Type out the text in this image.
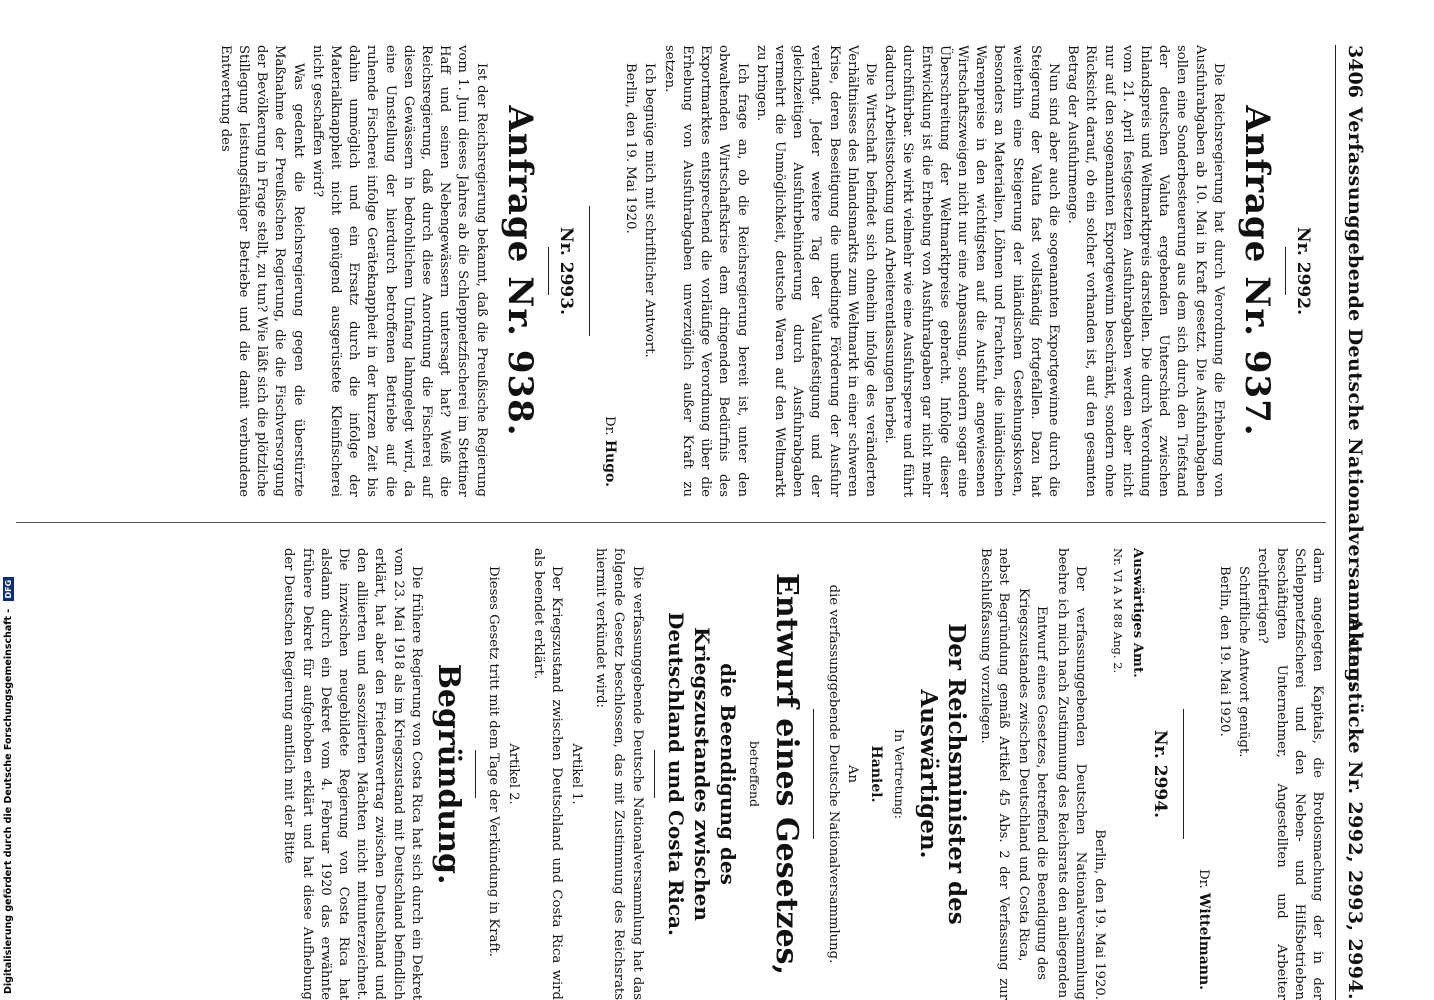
3406
Verfassunggebende Deutsche Nationalversammlung.
Aktenstücke Nr. 2992, 2993, 2994.
Nr. 2992.
Anfrage Nr. 937.

Die Reichsregierung hat durch Verordnung die Erhebung von Ausfuhrabgaben ab 10. Mai in Kraft gesetzt. Die Ausfuhrabgaben sollen eine Sonderbesteuerung aus dem sich durch den Tiefstand der deutschen Valuta ergebenden Unterschied zwischen Inlandspreis und Weltmarktpreis darstellen. Die durch Verordnung vom 21. April festgesetzten Ausfuhrabgaben werden aber nicht nur auf den sogenannten Exportgewinn beschränkt, sondern ohne Rücksicht darauf, ob ein solcher vorhanden ist, auf den gesamten Betrag der Ausfuhrmenge.

Nun sind aber auch die sogenannten Exportgewinne durch die Steigerung der Valuta fast vollständig fortgefallen. Dazu hat weiterhin eine Steigerung der inländischen Gestehungskosten, besonders an Materialien, Löhnen und Frachten, die inländischen Warenpreise in den wichtigsten auf die Ausfuhr angewiesenen Wirtschaftszweigen nicht nur eine Anpassung, sondern sogar eine Überschreitung der Weltmarktpreise gebracht. Infolge dieser Entwicklung ist die Erhebung von Ausfuhrabgaben gar nicht mehr durchführbar. Sie wirkt vielmehr wie eine Ausfuhrsperre und führt dadurch Arbeitsstockung und Arbeiterentlassungen herbei.

Die Wirtschaft befindet sich ohnehin infolge des veränderten Verhältnisses des Inlandsmarkts zum Weltmarkt in einer schweren Krise, deren Beseitigung die unbedingte Förderung der Ausfuhr verlangt. Jeder weitere Tag der Valutafestigung und der gleichzeitigen Ausfuhrbehinderung durch Ausfuhrabgaben vermehrt die Unmöglichkeit, deutsche Waren auf den Weltmarkt zu bringen.

Ich frage an, ob die Reichsregierung bereit ist, unter den obwaltenden Wirtschaftskrise dem dringenden Bedürfnis des Exportmarktes entsprechend die vorläufige Verordnung über die Erhebung von Ausfuhrabgaben unverzüglich außer Kraft zu setzen.

Ich begnüge mich mit schriftlicher Antwort.

Berlin, den 19. Mai 1920.

Dr. Hugo.
Nr. 2993.
Anfrage Nr. 938.

Ist der Reichsregierung bekannt, daß die Preußische Regierung vom 1. Juni dieses Jahres ab die Schleppnetzfischerei im Stettiner Haff und seinen Nebengewässern untersagt hat? Weiß die Reichsregierung, daß durch diese Anordnung die Fischerei auf diesen Gewässern in bedrohlichem Umfang lahmgelegt wird, da eine Umstellung der hierdurch betroffenen Betriebe auf die ruhende Fischerei infolge Geräteknappheit in der kurzen Zeit bis dahin unmöglich und ein Ersatz durch die infolge der Materialknappheit nicht genügend ausgerüstete Kleinfischerei nicht geschaffen wird?

Was gedenkt die Reichsregierung gegen die überstürzte Maßnahme der Preußischen Regierung, die die Fischversorgung der Bevölkerung in Frage stellt, zu tun? Wie läßt sich die plötzliche Stillegung leistungsfähiger Betriebe und die damit verbundene Entwertung des

darin angelegten Kapitals, die Brotlosmachung der in der Schleppnetzfischerei und den Neben- und Hilfsbetrieben beschäftigten Unternehmer, Angestellten und Arbeiter rechtfertigen?

Schriftliche Antwort genügt.

Berlin, den 19. Mai 1920.

Dr. Wittelmann.
Nr. 2994.

Auswärtiges Amt.

Nr. VI A M 88 Ang. 2.

Berlin, den 19. Mai 1920.

Der verfassunggebenden Deutschen Nationalversammlung beehre ich mich nach Zustimmung des Reichsrats den anliegenden

Entwurf eines Gesetzes, betreffend die Beendigung des Kriegszustandes zwischen Deutschland und Costa Rica,

nebst Begründung gemäß Artikel 45 Abs. 2 der Verfassung zur Beschlußfassung vorzulegen.

Der Reichsminister des Auswärtigen.
In Vertretung:
Haniel.

An

die verfassunggebende Deutsche Nationalversammlung.

Entwurf eines Gesetzes,
betreffend
die Beendigung des Kriegszustandes zwischen Deutschland und Costa Rica.

Die verfassunggebende Deutsche Nationalversammlung hat das folgende Gesetz beschlossen, das mit Zustimmung des Reichsrats hiermit verkündet wird:

Artikel 1.

Der Kriegszustand zwischen Deutschland und Costa Rica wird als beendet erklärt.

Artikel 2.

Dieses Gesetz tritt mit dem Tage der Verkündung in Kraft.

Begründung.

Die frühere Regierung von Costa Rica hat sich durch ein Dekret vom 23. Mai 1918 als im Kriegszustand mit Deutschland befindlich erklärt, hat aber den Friedensvertrag zwischen Deutschland und den alliierten und assoziierten Mächten nicht mitunterzeichnet. Die inzwischen neugebildete Regierung von Costa Rica hat alsdann durch ein Dekret vom 4. Februar 1920 das erwähnte frühere Dekret für aufgehoben erklärt und hat diese Aufhebung der Deutschen Regierung amtlich mit der Bitte

Digitalisierung gefördert durch die Deutsche Forschungsgemeinschaft - DFG
